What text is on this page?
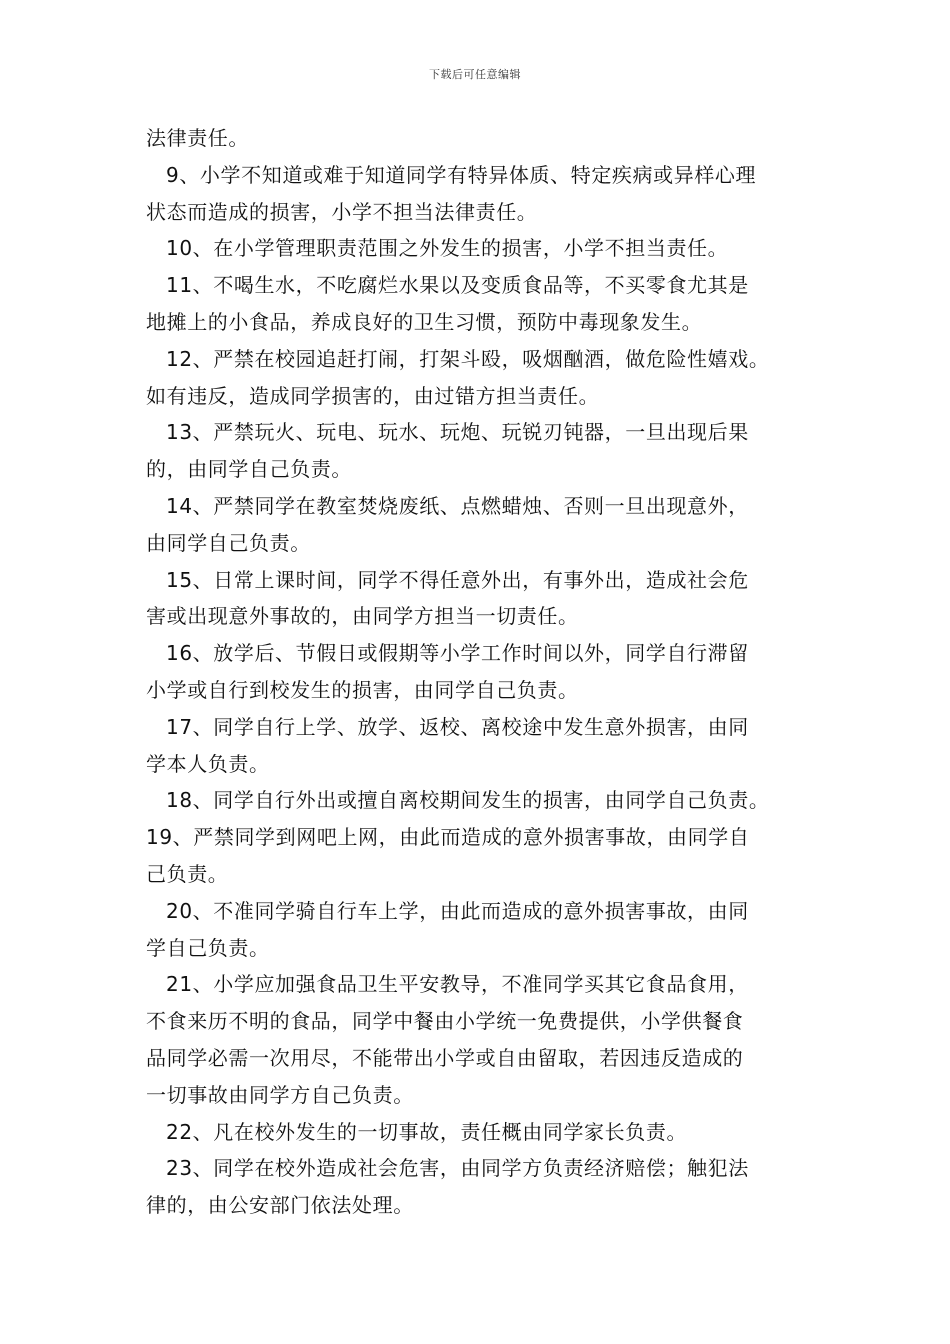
下载后可任意编辑
法律责任。
9、小学不知道或难于知道同学有特异体质、特定疾病或异样心理
状态而造成的损害，小学不担当法律责任。
10、在小学管理职责范围之外发生的损害，小学不担当责任。
11、不喝生水，不吃腐烂水果以及变质食品等，不买零食尤其是
地摊上的小食品，养成良好的卫生习惯，预防中毒现象发生。
12、严禁在校园追赶打闹，打架斗殴，吸烟酗酒，做危险性嬉戏。
如有违反，造成同学损害的，由过错方担当责任。
13、严禁玩火、玩电、玩水、玩炮、玩锐刃钝器，一旦出现后果
的，由同学自己负责。
14、严禁同学在教室焚烧废纸、点燃蜡烛、否则一旦出现意外，
由同学自己负责。
15、日常上课时间，同学不得任意外出，有事外出，造成社会危
害或出现意外事故的，由同学方担当一切责任。
16、放学后、节假日或假期等小学工作时间以外，同学自行滞留
小学或自行到校发生的损害，由同学自己负责。
17、同学自行上学、放学、返校、离校途中发生意外损害，由同
学本人负责。
18、同学自行外出或擅自离校期间发生的损害，由同学自己负责。
19、严禁同学到网吧上网，由此而造成的意外损害事故，由同学自
己负责。
20、不准同学骑自行车上学，由此而造成的意外损害事故，由同
学自己负责。
21、小学应加强食品卫生平安教导，不准同学买其它食品食用，
不食来历不明的食品，同学中餐由小学统一免费提供，小学供餐食
品同学必需一次用尽，不能带出小学或自由留取，若因违反造成的
一切事故由同学方自己负责。
22、凡在校外发生的一切事故，责任概由同学家长负责。
23、同学在校外造成社会危害，由同学方负责经济赔偿；触犯法
律的，由公安部门依法处理。
